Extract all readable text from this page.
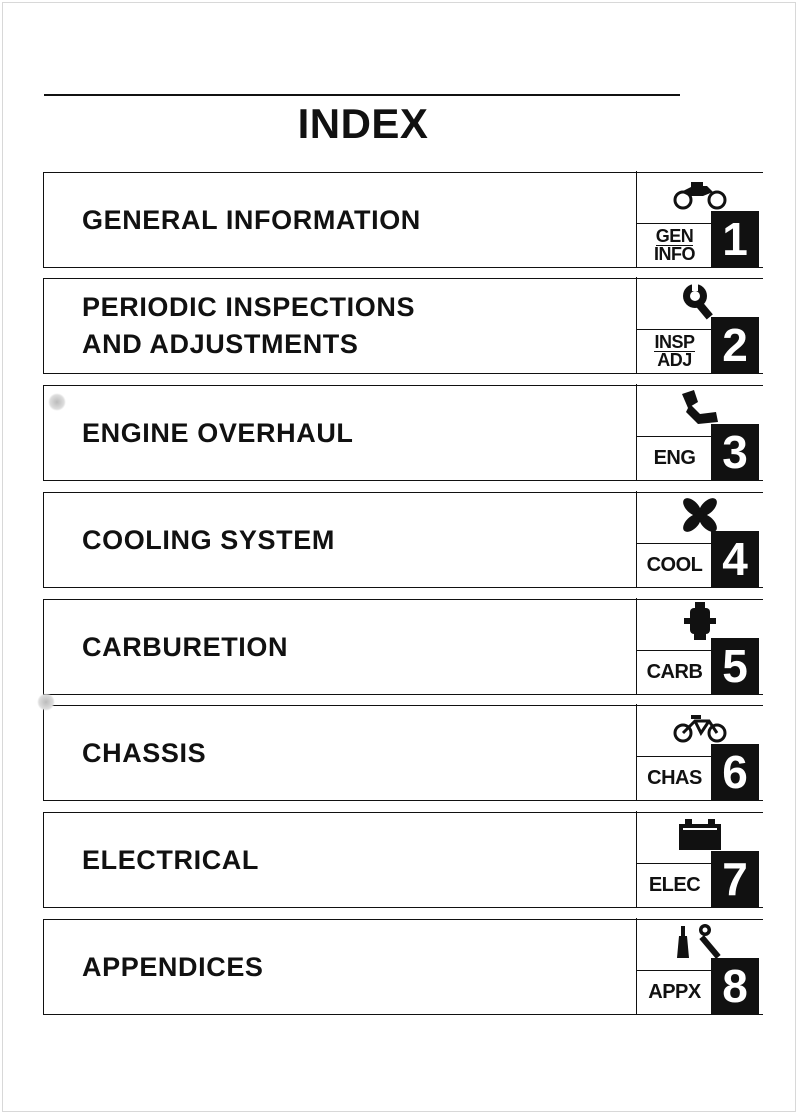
INDEX
GENERAL INFORMATION
GEN
INFO 1
PERIODIC INSPECTIONS
AND ADJUSTMENTS	INSP
ADJ 2
ENGINE OVERHAUL
ENG 3
COOLING SYSTEM
COOL 4
CARBURETION
CARB 5
CHASSIS
CHAS 6
ELECTRICAL
ELEC 7
APPENDICES
APPX 8
